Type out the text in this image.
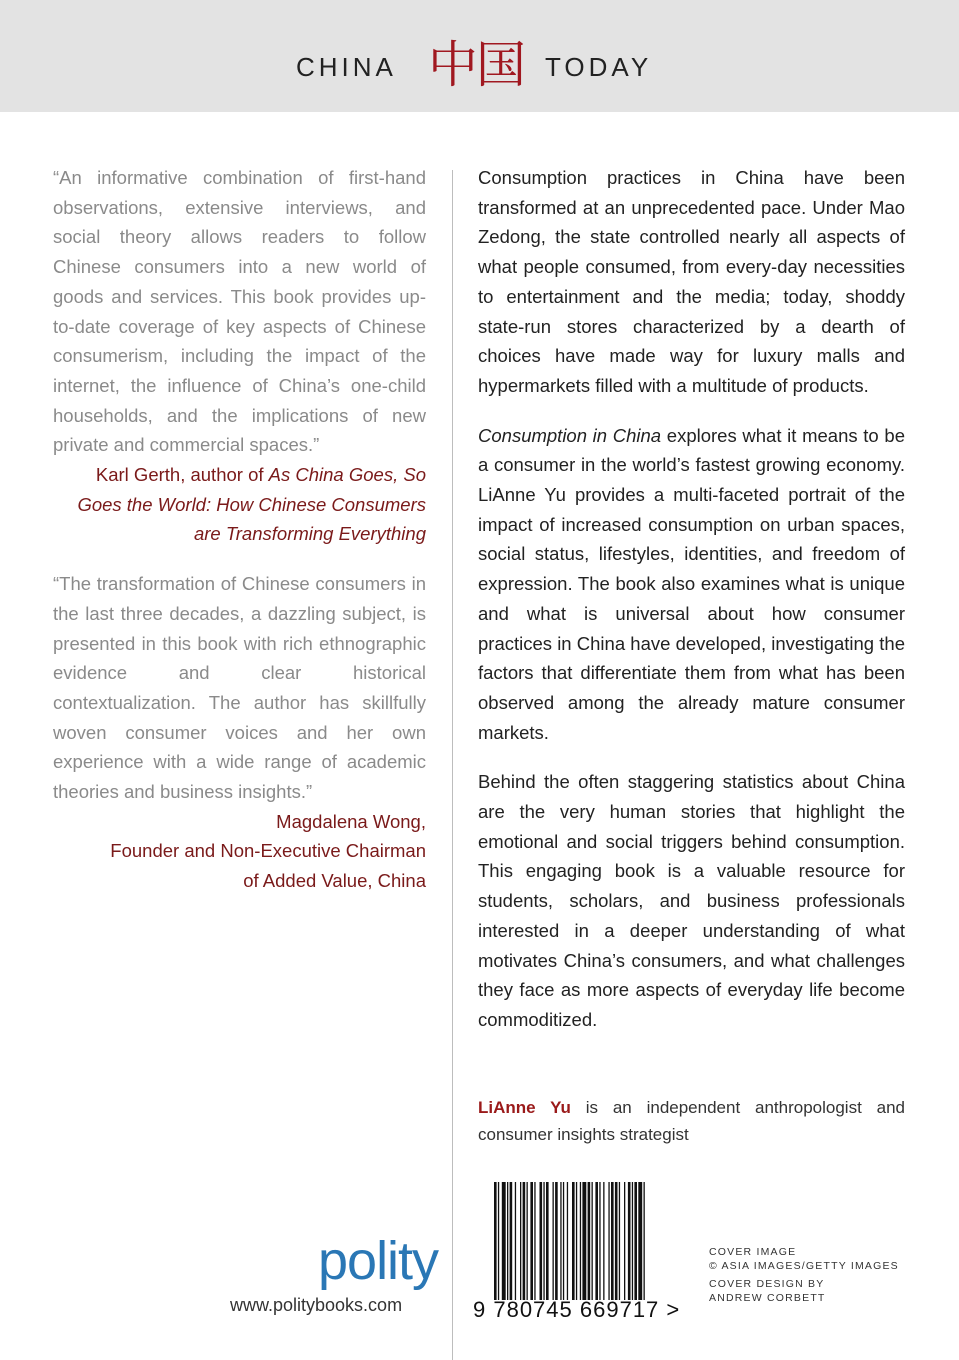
CHINA 中国 TODAY

“An informative combination of first-hand observations, extensive interviews, and social theory allows readers to follow Chinese consumers into a new world of goods and services. This book provides up-to-date coverage of key aspects of Chinese consumerism, including the impact of the internet, the influence of China’s one-child households, and the implications of new private and commercial spaces.”

Karl Gerth, author of As China Goes, So Goes the World: How Chinese Consumers are Transforming Everything

“The transformation of Chinese consumers in the last three decades, a dazzling subject, is presented in this book with rich ethnographic evidence and clear historical contextualization. The author has skillfully woven consumer voices and her own experience with a wide range of academic theories and business insights.”

Magdalena Wong,
Founder and Non-Executive Chairman
of Added Value, China

Consumption practices in China have been transformed at an unprecedented pace. Under Mao Zedong, the state controlled nearly all aspects of what people consumed, from every-day necessities to entertainment and the media; today, shoddy state-run stores characterized by a dearth of choices have made way for luxury malls and hypermarkets filled with a multitude of products.

Consumption in China explores what it means to be a consumer in the world’s fastest growing economy. LiAnne Yu provides a multi-faceted portrait of the impact of increased consumption on urban spaces, social status, lifestyles, identities, and freedom of expression. The book also examines what is unique and what is universal about how consumer practices in China have developed, investigating the factors that differentiate them from what has been observed among the already mature consumer markets.

Behind the often staggering statistics about China are the very human stories that highlight the emotional and social triggers behind consumption. This engaging book is a valuable resource for students, scholars, and business professionals interested in a deeper understanding of what motivates China’s consumers, and what challenges they face as more aspects of everyday life become commoditized.

LiAnne Yu is an independent anthropologist and consumer insights strategist
polity
www.politybooks.com	9 780745 669717 >
COVER IMAGE
© ASIA IMAGES/GETTY IMAGES
COVER DESIGN BY
ANDREW CORBETT
